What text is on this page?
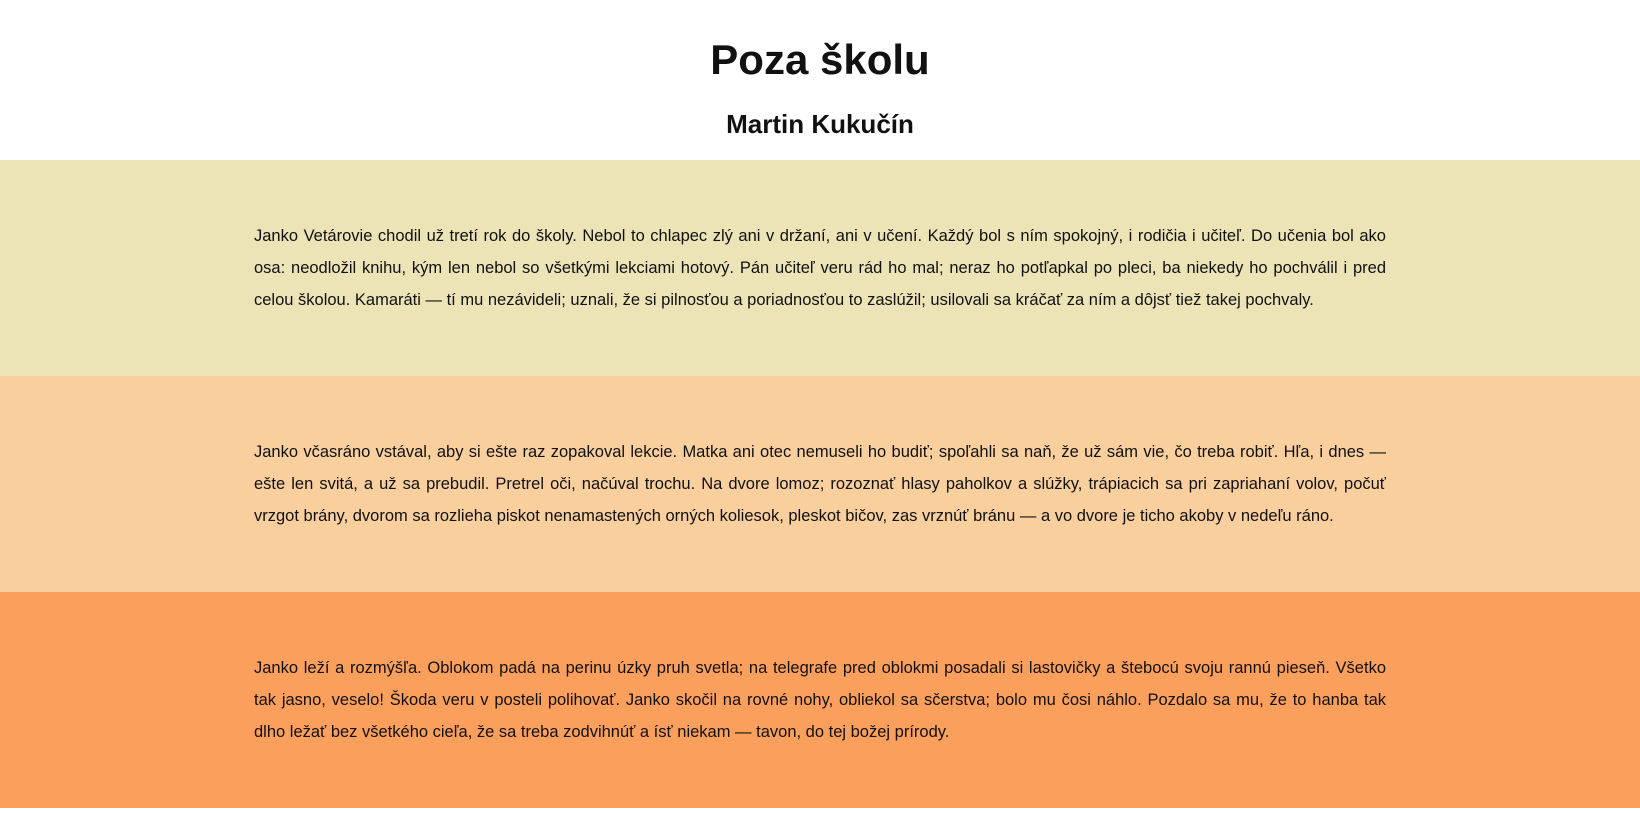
Poza školu
Martin Kukučín

Janko Vetárovie chodil už tretí rok do školy. Nebol to chlapec zlý ani v držaní, ani v učení. Každý bol s ním spokojný, i rodičia i učiteľ. Do učenia bol ako osa: neodložil knihu, kým len nebol so všetkými lekciami hotový. Pán učiteľ veru rád ho mal; neraz ho potľapkal po pleci, ba niekedy ho pochválil i pred celou školou. Kamaráti — tí mu nezávideli; uznali, že si pilnosťou a poriadnosťou to zaslúžil; usilovali sa kráčať za ním a dôjsť tiež takej pochvaly.

Janko včasráno vstával, aby si ešte raz zopakoval lekcie. Matka ani otec nemuseli ho budiť; spoľahli sa naň, že už sám vie, čo treba robiť. Hľa, i dnes — ešte len svitá, a už sa prebudil. Pretrel oči, načúval trochu. Na dvore lomoz; rozoznať hlasy paholkov a slúžky, trápiacich sa pri zapriahaní volov, počuť vrzgot brány, dvorom sa rozlieha piskot nenamastených orných koliesok, pleskot bičov, zas vrznúť bránu — a vo dvore je ticho akoby v nedeľu ráno.

Janko leží a rozmýšľa. Oblokom padá na perinu úzky pruh svetla; na telegrafe pred oblokmi posadali si lastovičky a štebocú svoju rannú pieseň. Všetko tak jasno, veselo! Škoda veru v posteli polihovať. Janko skočil na rovné nohy, obliekol sa sčerstva; bolo mu čosi náhlo. Pozdalo sa mu, že to hanba tak dlho ležať bez všetkého cieľa, že sa treba zodvihnúť a ísť niekam — tavon, do tej božej prírody.
